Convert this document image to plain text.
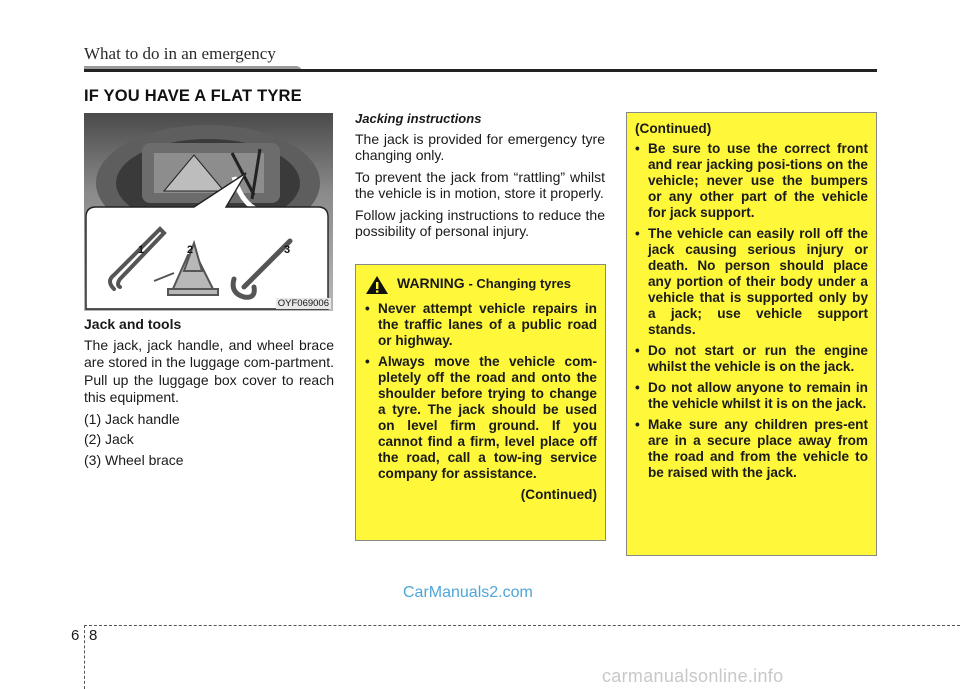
What to do in an emergency
IF YOU HAVE A FLAT TYRE
1	2	3
OYF069006
Jack and tools

The jack, jack handle, and wheel brace are stored in the luggage com-partment. Pull up the luggage box cover to reach this equipment.

(1) Jack handle
(2) Jack
(3) Wheel brace
Jacking instructions

The jack is provided for emergency tyre changing only.

To prevent the jack from “rattling” whilst the vehicle is in motion, store it properly.

Follow jacking instructions to reduce the possibility of personal injury.

WARNING - Changing tyres
• Never attempt vehicle repairs in the traffic lanes of a public road or highway.
• Always move the vehicle com-pletely off the road and onto the shoulder before trying to change a tyre. The jack should be used on level firm ground. If you cannot find a firm, level place off the road, call a tow-ing service company for assistance.
(Continued)
(Continued)
• Be sure to use the correct front and rear jacking posi-tions on the vehicle; never use the bumpers or any other part of the vehicle for jack support.
• The vehicle can easily roll off the jack causing serious injury or death. No person should place any portion of their body under a vehicle that is supported only by a jack; use vehicle support stands.
• Do not start or run the engine whilst the vehicle is on the jack.
• Do not allow anyone to remain in the vehicle whilst it is on the jack.
• Make sure any children pres-ent are in a secure place away from the road and from the vehicle to be raised with the jack.
CarManuals2.com
6 8
carmanualsonline.info
